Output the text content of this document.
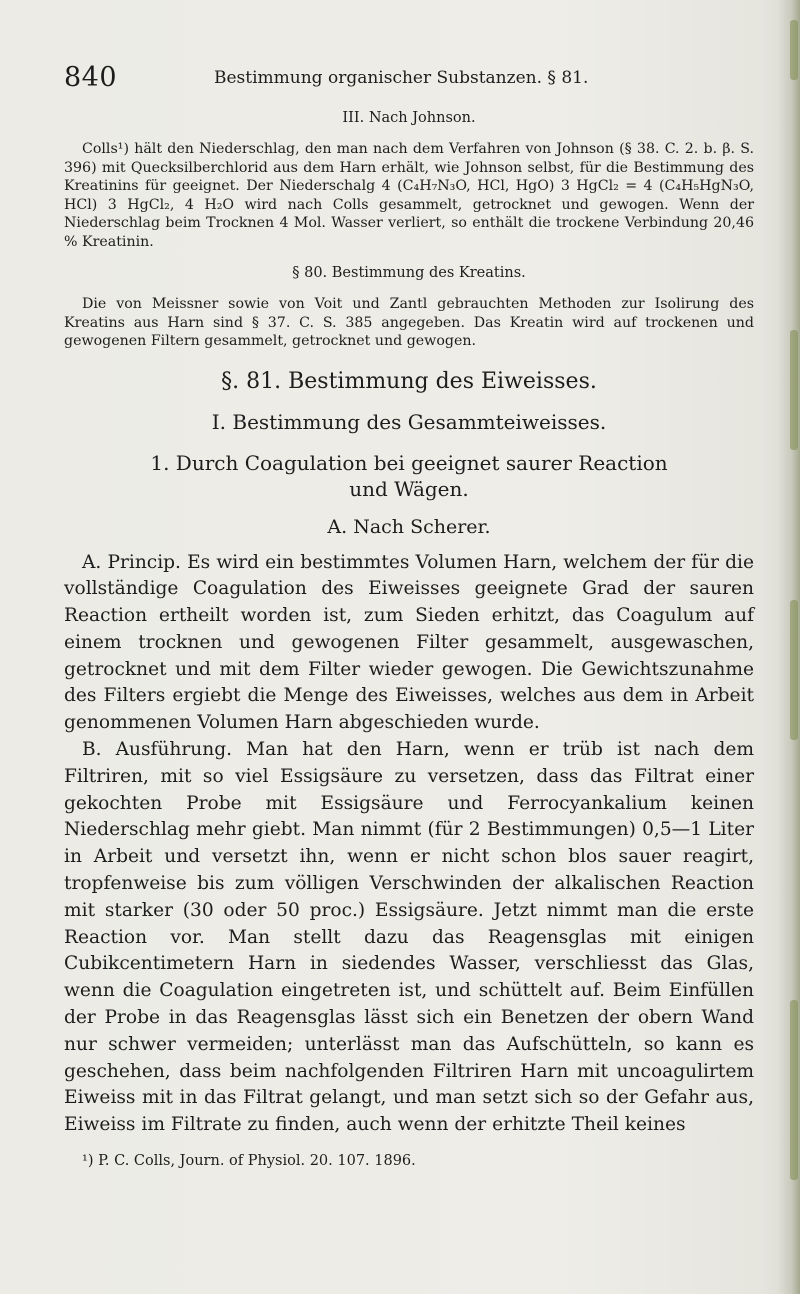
840	Bestimmung organischer Substanzen. § 81.
III. Nach Johnson.

Colls¹) hält den Niederschlag, den man nach dem Verfahren von Johnson (§ 38. C. 2. b. β. S. 396) mit Quecksilberchlorid aus dem Harn erhält, wie Johnson selbst, für die Bestimmung des Kreatinins für geeignet. Der Niederschalg 4 (C₄H₇N₃O, HCl, HgO) 3 HgCl₂ = 4 (C₄H₅HgN₃O, HCl) 3 HgCl₂, 4 H₂O wird nach Colls gesammelt, getrocknet und gewogen. Wenn der Niederschlag beim Trocknen 4 Mol. Wasser verliert, so enthält die trockene Verbindung 20,46 % Kreatinin.

§ 80. Bestimmung des Kreatins.

Die von Meissner sowie von Voit und Zantl gebrauchten Methoden zur Isolirung des Kreatins aus Harn sind § 37. C. S. 385 angegeben. Das Kreatin wird auf trockenen und gewogenen Filtern gesammelt, getrocknet und gewogen.

§. 81. Bestimmung des Eiweisses.
I. Bestimmung des Gesammteiweisses.
1. Durch Coagulation bei geeignet saurer Reaction
und Wägen.
A. Nach Scherer.

A. Princip. Es wird ein bestimmtes Volumen Harn, welchem der für die vollständige Coagulation des Eiweisses geeignete Grad der sauren Reaction ertheilt worden ist, zum Sieden erhitzt, das Coagulum auf einem trocknen und gewogenen Filter gesammelt, ausgewaschen, getrocknet und mit dem Filter wieder gewogen. Die Gewichtszunahme des Filters ergiebt die Menge des Eiweisses, welches aus dem in Arbeit genommenen Volumen Harn abgeschieden wurde.

B. Ausführung. Man hat den Harn, wenn er trüb ist nach dem Filtriren, mit so viel Essigsäure zu versetzen, dass das Filtrat einer gekochten Probe mit Essigsäure und Ferrocyankalium keinen Niederschlag mehr giebt. Man nimmt (für 2 Bestimmungen) 0,5—1 Liter in Arbeit und versetzt ihn, wenn er nicht schon blos sauer reagirt, tropfenweise bis zum völligen Verschwinden der alkalischen Reaction mit starker (30 oder 50 proc.) Essigsäure. Jetzt nimmt man die erste Reaction vor. Man stellt dazu das Reagensglas mit einigen Cubikcentimetern Harn in siedendes Wasser, verschliesst das Glas, wenn die Coagulation eingetreten ist, und schüttelt auf. Beim Einfüllen der Probe in das Reagensglas lässt sich ein Benetzen der obern Wand nur schwer vermeiden; unterlässt man das Aufschütteln, so kann es geschehen, dass beim nachfolgenden Filtriren Harn mit uncoagulirtem Eiweiss mit in das Filtrat gelangt, und man setzt sich so der Gefahr aus, Eiweiss im Filtrate zu finden, auch wenn der erhitzte Theil keines

¹) P. C. Colls, Journ. of Physiol. 20. 107. 1896.
